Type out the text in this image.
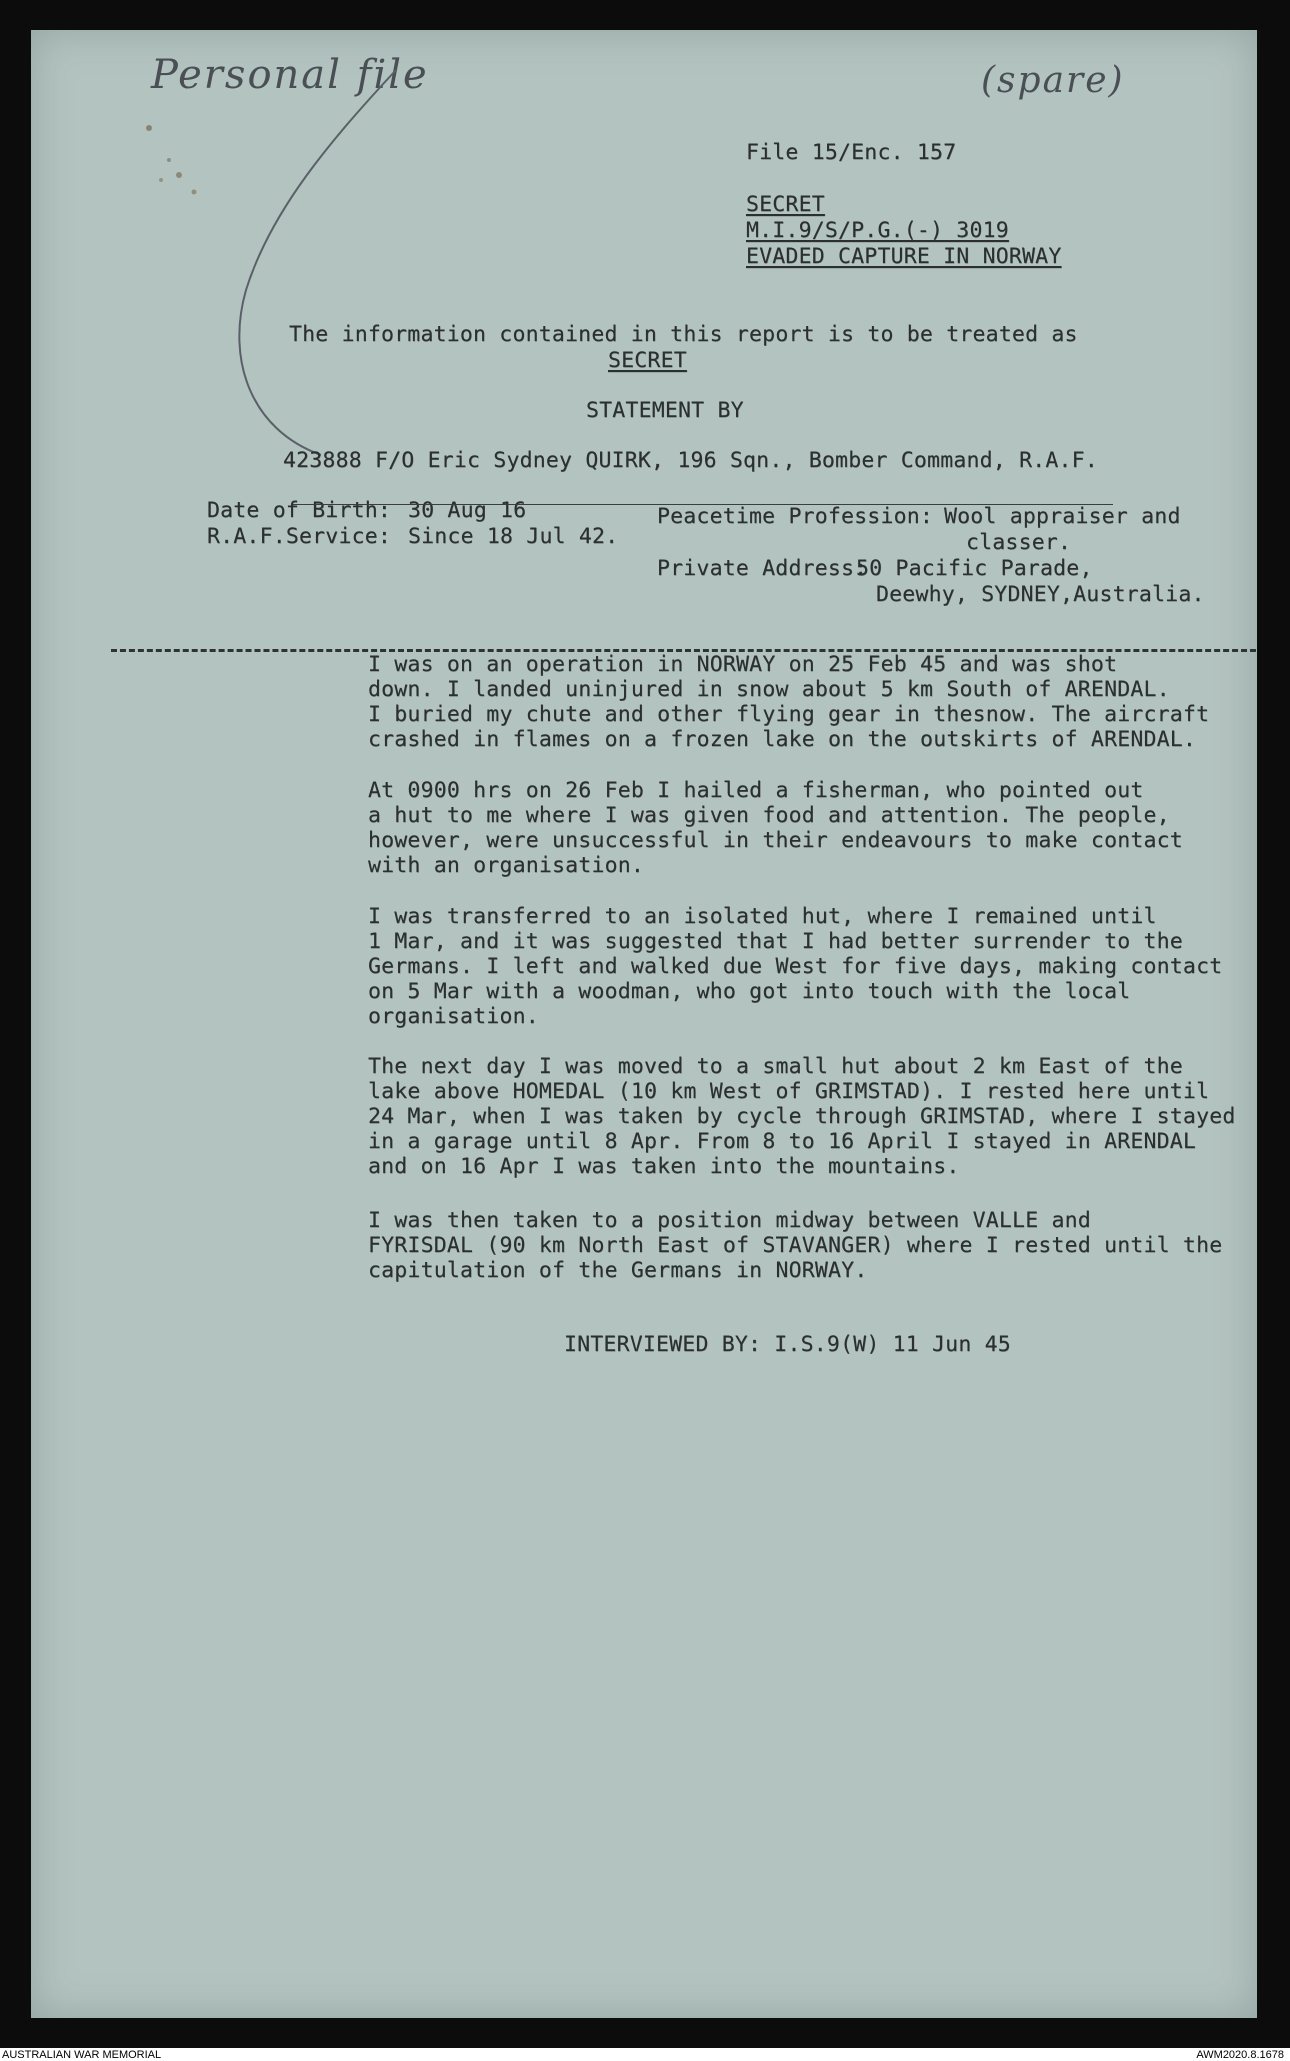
Personal file	(spare)
File 15/Enc. 157
SECRET
M.I.9/S/P.G.(-) 3019
EVADED CAPTURE IN NORWAY
The information contained in this report is to be treated as
SECRET
STATEMENT BY
423888 F/O Eric Sydney QUIRK, 196 Sqn., Bomber Command, R.A.F.
Date of Birth: 30 Aug 16
R.A.F.Service: Since 18 Jul 42.
Peacetime Profession: Wool appraiser and
classer.
Private Address:
50 Pacific Parade,
Deewhy, SYDNEY,Australia.
I was on an operation in NORWAY on 25 Feb 45 and was shot
down. I landed uninjured in snow about 5 km South of ARENDAL.
I buried my chute and other flying gear in thesnow. The aircraft
crashed in flames on a frozen lake on the outskirts of ARENDAL.
At 0900 hrs on 26 Feb I hailed a fisherman, who pointed out
a hut to me where I was given food and attention. The people,
however, were unsuccessful in their endeavours to make contact
with an organisation.
I was transferred to an isolated hut, where I remained until
1 Mar, and it was suggested that I had better surrender to the
Germans. I left and walked due West for five days, making contact
on 5 Mar with a woodman, who got into touch with the local
organisation.
The next day I was moved to a small hut about 2 km East of the
lake above HOMEDAL (10 km West of GRIMSTAD). I rested here until
24 Mar, when I was taken by cycle through GRIMSTAD, where I stayed
in a garage until 8 Apr. From 8 to 16 April I stayed in ARENDAL
and on 16 Apr I was taken into the mountains.
I was then taken to a position midway between VALLE and
FYRISDAL (90 km North East of STAVANGER) where I rested until the
capitulation of the Germans in NORWAY.
INTERVIEWED BY: I.S.9(W) 11 Jun 45
AUSTRALIAN WAR MEMORIAL	AWM2020.8.1678
